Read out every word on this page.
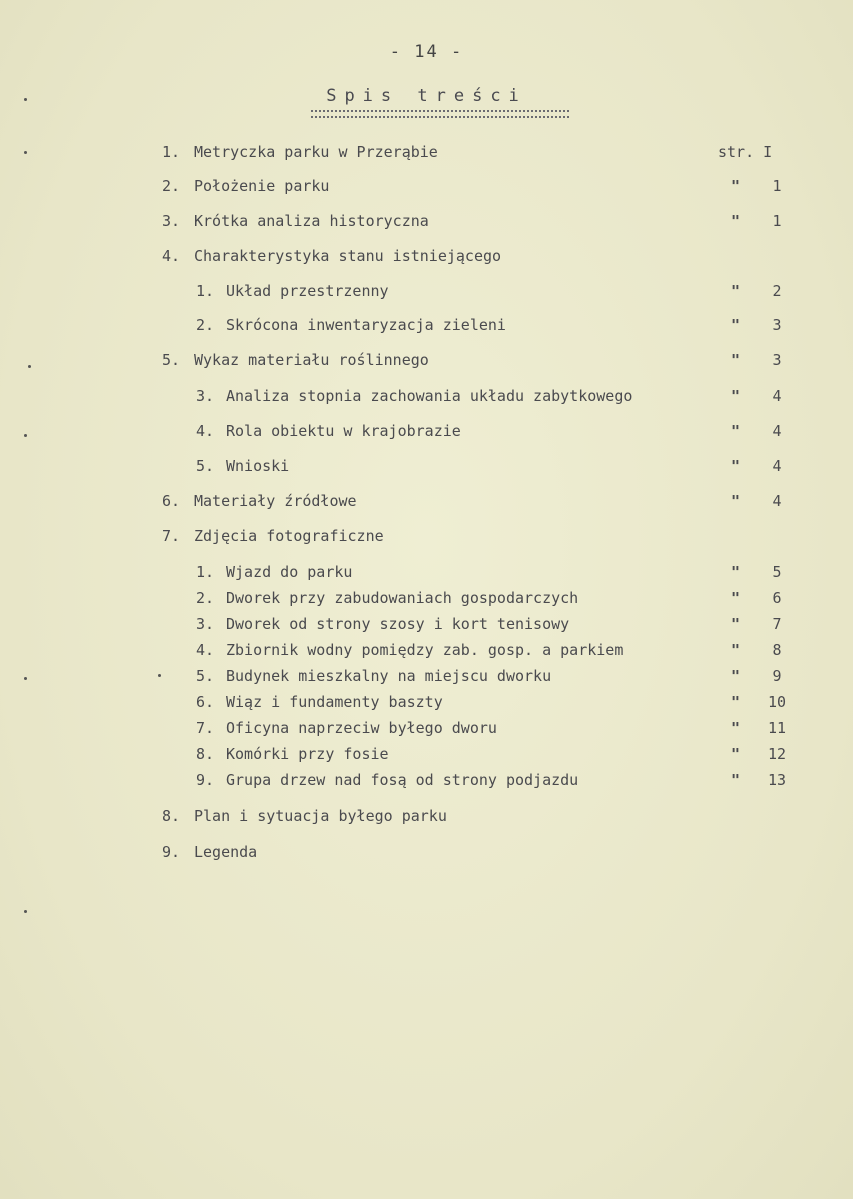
- 14 -
Spis treści
1. Metryczka parku w Przerąbie	str. I
2. Położenie parku	"	1
3. Krótka analiza historyczna	"	1
4. Charakterystyka stanu istniejącego
1. Układ przestrzenny	"	2
2. Skrócona inwentaryzacja zieleni	"	3
5. Wykaz materiału roślinnego	"	3
3. Analiza stopnia zachowania układu zabytkowego	"	4
4. Rola obiektu w krajobrazie	"	4
5. Wnioski	"	4
6. Materiały źródłowe	"	4
7. Zdjęcia fotograficzne
1. Wjazd do parku	"	5
2. Dworek przy zabudowaniach gospodarczych	"	6
3. Dworek od strony szosy i kort tenisowy	"	7
4. Zbiornik wodny pomiędzy zab. gosp. a parkiem	"	8
5. Budynek mieszkalny na miejscu dworku	"	9
6. Wiąz i fundamenty baszty	" 10
7. Oficyna naprzeciw byłego dworu	" 11
8. Komórki przy fosie	" 12
9. Grupa drzew nad fosą od strony podjazdu	" 13
8. Plan i sytuacja byłego parku
9. Legenda
